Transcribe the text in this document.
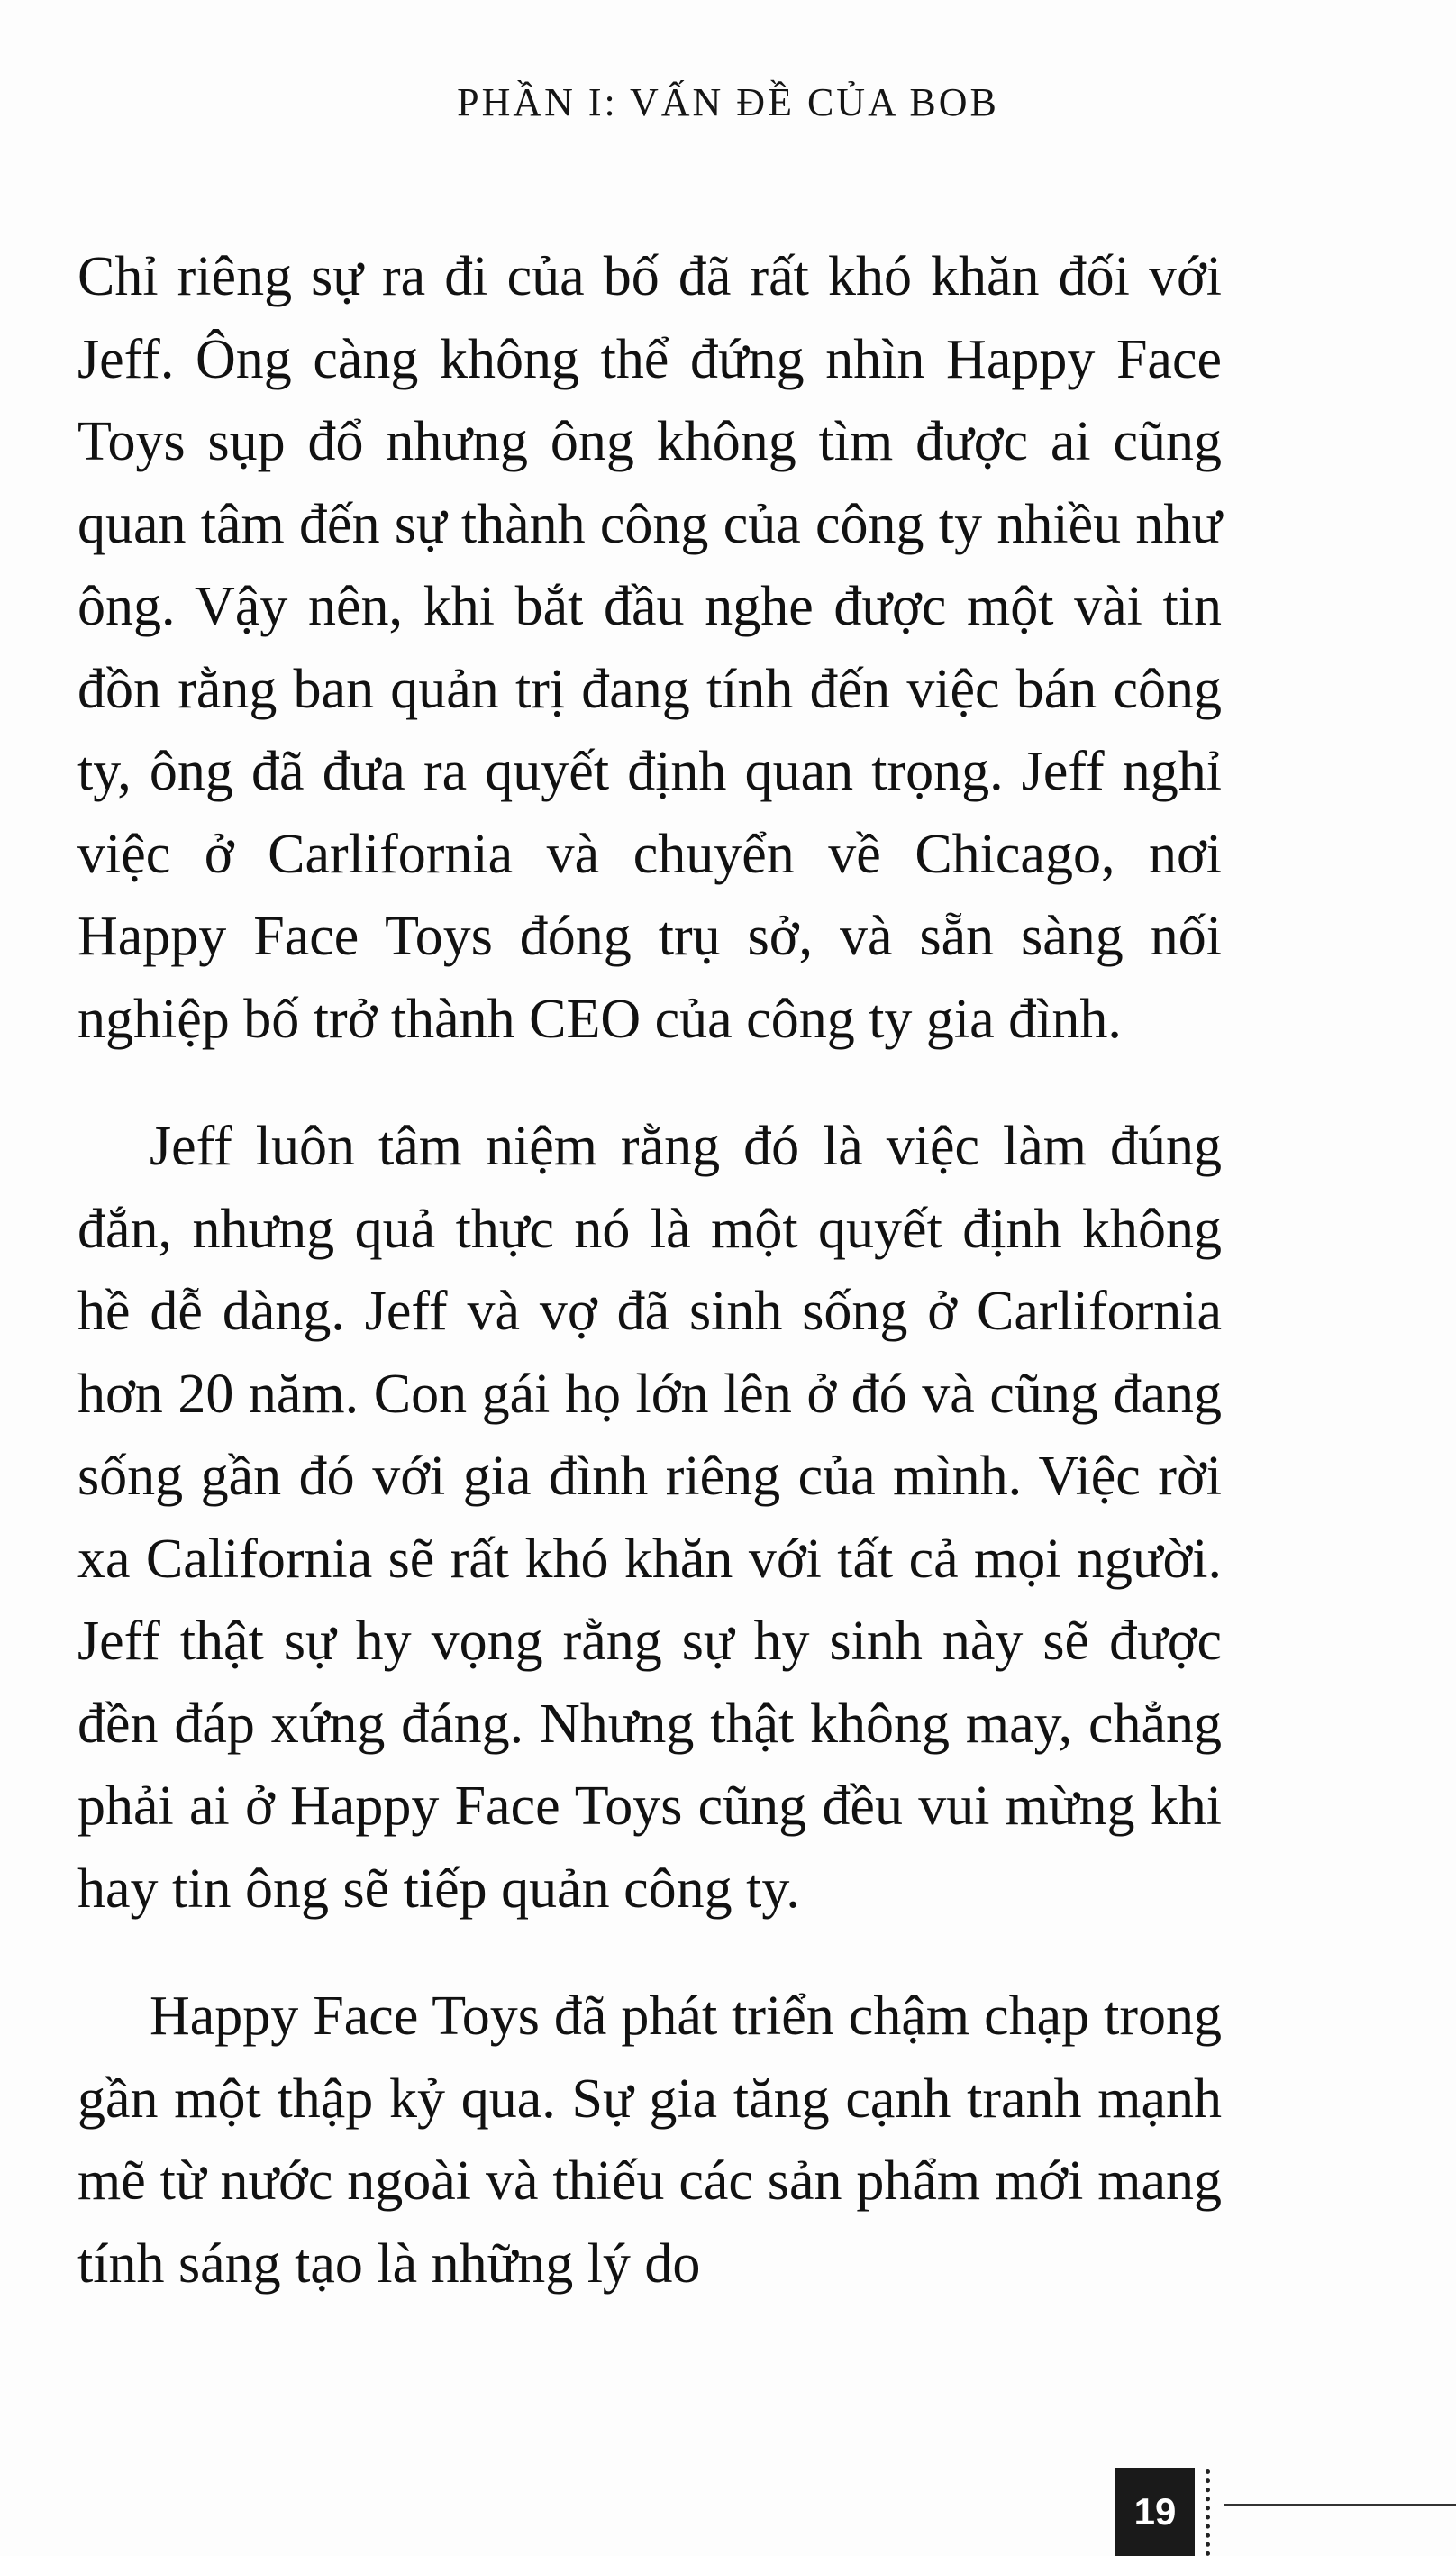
PHẦN I: VẤN ĐỀ CỦA BOB

Chỉ riêng sự ra đi của bố đã rất khó khăn đối với Jeff. Ông càng không thể đứng nhìn Happy Face Toys sụp đổ nhưng ông không tìm được ai cũng quan tâm đến sự thành công của công ty nhiều như ông. Vậy nên, khi bắt đầu nghe được một vài tin đồn rằng ban quản trị đang tính đến việc bán công ty, ông đã đưa ra quyết định quan trọng. Jeff nghỉ việc ở Carlifornia và chuyển về Chicago, nơi Happy Face Toys đóng trụ sở, và sẵn sàng nối nghiệp bố trở thành CEO của công ty gia đình.

Jeff luôn tâm niệm rằng đó là việc làm đúng đắn, nhưng quả thực nó là một quyết định không hề dễ dàng. Jeff và vợ đã sinh sống ở Carlifornia hơn 20 năm. Con gái họ lớn lên ở đó và cũng đang sống gần đó với gia đình riêng của mình. Việc rời xa California sẽ rất khó khăn với tất cả mọi người. Jeff thật sự hy vọng rằng sự hy sinh này sẽ được đền đáp xứng đáng. Nhưng thật không may, chẳng phải ai ở Happy Face Toys cũng đều vui mừng khi hay tin ông sẽ tiếp quản công ty.

Happy Face Toys đã phát triển chậm chạp trong gần một thập kỷ qua. Sự gia tăng cạnh tranh mạnh mẽ từ nước ngoài và thiếu các sản phẩm mới mang tính sáng tạo là những lý do

19
